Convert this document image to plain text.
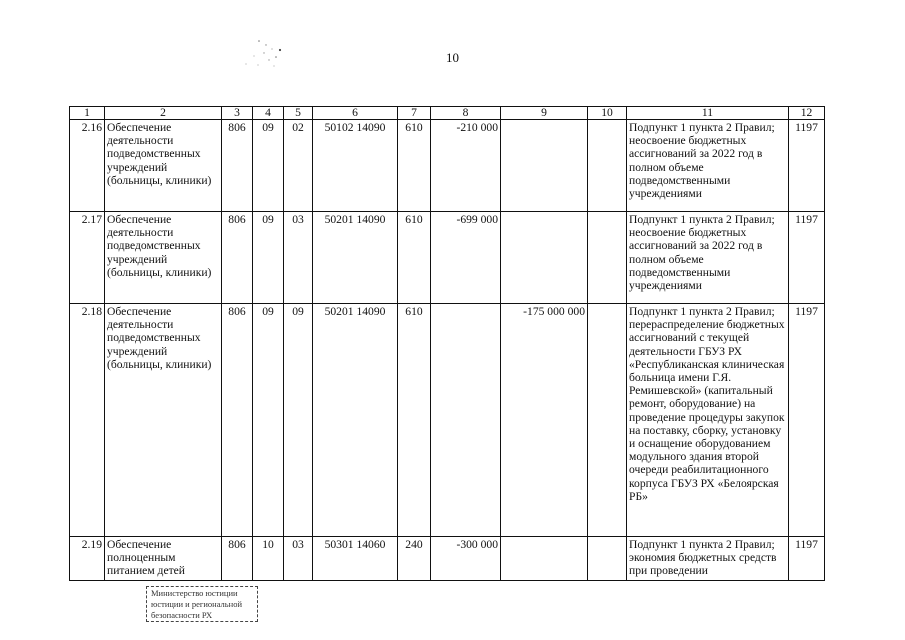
10
1	2	3	4	5	6	7	8	9	10	11	12
2.16	Обеспечение деятельности подведомственных учреждений (больницы, клиники)	806	09	02	50102 14090	610	-210 000			Подпункт 1 пункта 2 Правил; неосвоение бюджетных ассигнований за 2022 год в полном объеме подведомственными учреждениями	1197
2.17	Обеспечение деятельности подведомственных учреждений (больницы, клиники)	806	09	03	50201 14090	610	-699 000			Подпункт 1 пункта 2 Правил; неосвоение бюджетных ассигнований за 2022 год в полном объеме подведомственными учреждениями	1197
2.18	Обеспечение деятельности подведомственных учреждений (больницы, клиники)	806	09	09	50201 14090	610		-175 000 000		Подпункт 1 пункта 2 Правил; перераспределение бюджетных ассигнований с текущей деятельности ГБУЗ РХ «Республиканская клиническая больница имени Г.Я. Ремишевской» (капитальный ремонт, оборудование) на проведение процедуры закупок на поставку, сборку, установку и оснащение оборудованием модульного здания второй очереди реабилитационного корпуса ГБУЗ РХ «Белоярская РБ»	1197
2.19	Обеспечение полноценным питанием детей	806	10	03	50301 14060	240	-300 000			Подпункт 1 пункта 2 Правил; экономия бюджетных средств при проведении	1197
Министерство юстиции
юстиции и региональной
безопасности РХ
